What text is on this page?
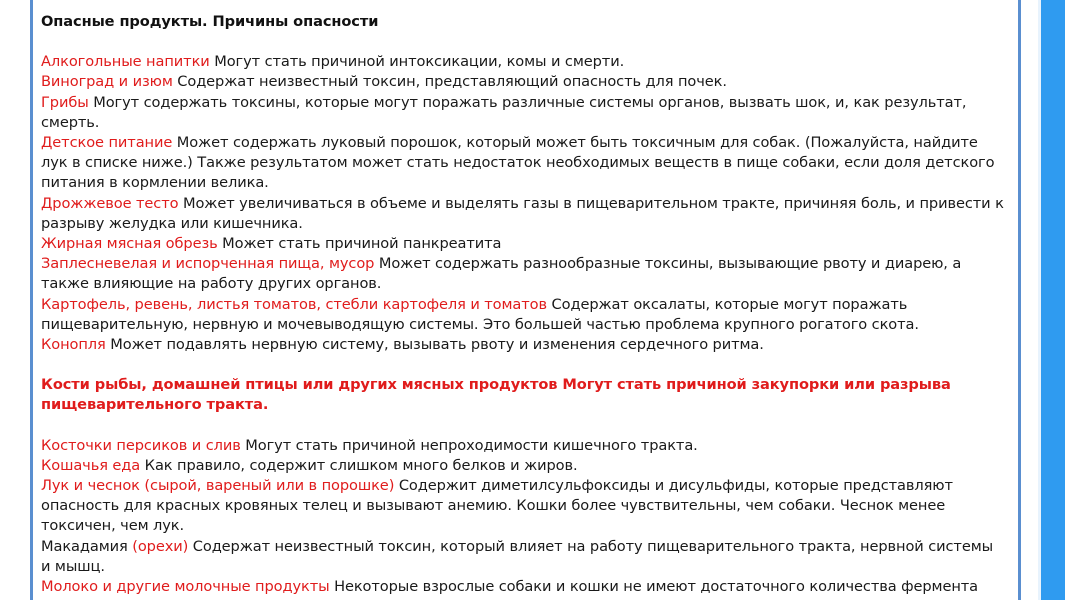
Опасные продукты. Причины опасности

Алкогольные напитки Могут стать причиной интоксикации, комы и смерти.

Виноград и изюм Содержат неизвестный токсин, представляющий опасность для почек.

Грибы Могут содержать токсины, которые могут поражать различные системы органов, вызвать шок, и, как результат, смерть.

Детское питание Может содержать луковый порошок, который может быть токсичным для собак. (Пожалуйста, найдите лук в списке ниже.) Также результатом может стать недостаток необходимых веществ в пище собаки, если доля детского питания в кормлении велика.

Дрожжевое тесто Может увеличиваться в объеме и выделять газы в пищеварительном тракте, причиняя боль, и привести к разрыву желудка или кишечника.

Жирная мясная обрезь Может стать причиной панкреатита

Заплесневелая и испорченная пища, мусор Может содержать разнообразные токсины, вызывающие рвоту и диарею, а также влияющие на работу других органов.

Картофель, ревень, листья томатов, стебли картофеля и томатов Содержат оксалаты, которые могут поражать пищеварительную, нервную и мочевыводящую системы. Это большей частью проблема крупного рогатого скота.

Конопля Может подавлять нервную систему, вызывать рвоту и изменения сердечного ритма.

Кости рыбы, домашней птицы или других мясных продуктов Могут стать причиной закупорки или разрыва пищеварительного тракта.

Косточки персиков и слив Могут стать причиной непроходимости кишечного тракта.

Кошачья еда Как правило, содержит слишком много белков и жиров.

Лук и чеснок (сырой, вареный или в порошке) Содержит диметилсульфоксиды и дисульфиды, которые представляют опасность для красных кровяных телец и вызывают анемию. Кошки более чувствительны, чем собаки. Чеснок менее токсичен, чем лук.

Макадамия (орехи) Содержат неизвестный токсин, который влияет на работу пищеварительного тракта, нервной системы и мышц.

Молоко и другие молочные продукты Некоторые взрослые собаки и кошки не имеют достаточного количества фермента
